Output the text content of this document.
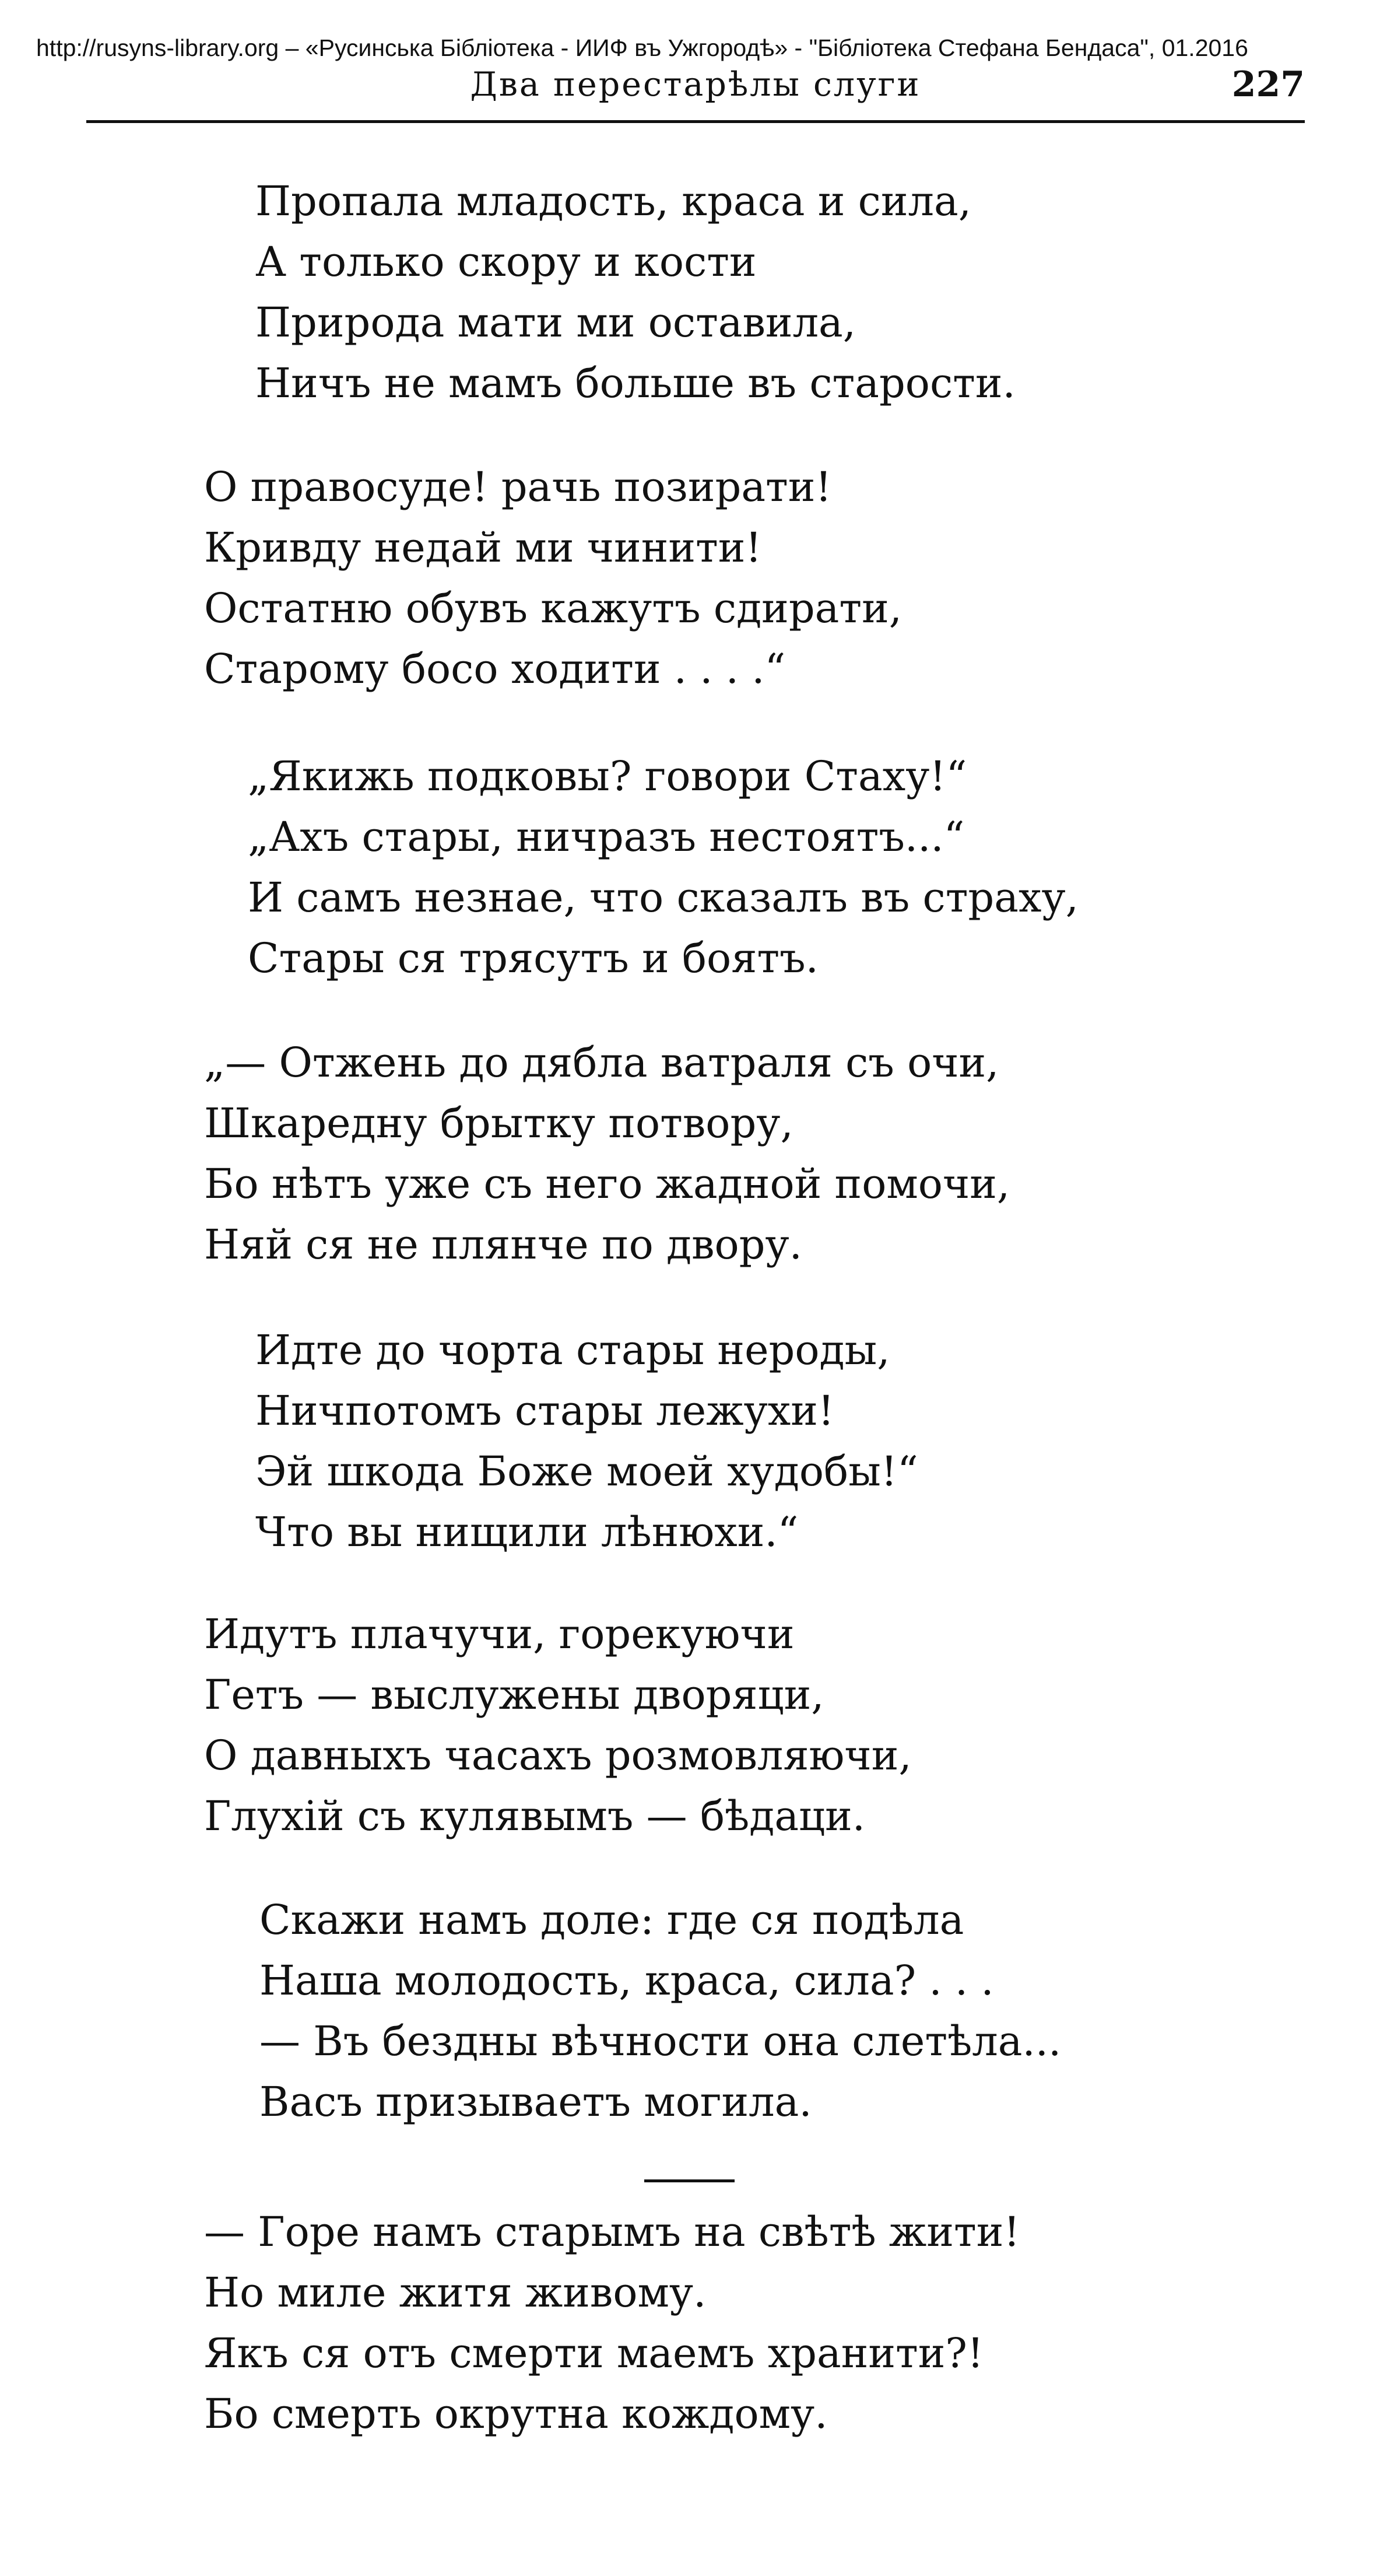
http://rusyns-library.org – «Русинська Бібліотека - ИИФ въ Ужгородѣ» - "Бібліотека Стефана Бендаса", 01.2016
Два перестарѣлы слуги	227
Пропала младость, краса и сила,
А только скору и кости
Природа мати ми оставила,
Ничъ не мамъ больше въ старости.
О правосуде! рачь позирати!
Кривду недай ми чинити!
Остатню обувъ кажутъ сдирати,
Старому босо ходити . . . .“
„Якижь подковы? говори Стаху!“
„Ахъ стары, ничразъ нестоятъ...“
И самъ незнае, что сказалъ въ страху,
Стары ся трясутъ и боятъ.
„— Отжень до дябла ватраля съ очи,
Шкаредну брытку потвору,
Бо нѣтъ уже съ него жадной помочи,
Няй ся не плянче по двору.
Идте до чорта стары нероды,
Ничпотомъ стары лежухи!
Эй шкода Боже моей худобы!“
Что вы нищили лѣнюхи.“
Идутъ плачучи, горекуючи
Гетъ — выслужены дворяци,
О давныхъ часахъ розмовляючи,
Глухій съ кулявымъ — бѣдаци.
Скажи намъ доле: где ся подѣла
Наша молодость, краса, сила? . . .
— Въ бездны вѣчности она слетѣла...
Васъ призываетъ могила.
— Горе намъ старымъ на свѣтѣ жити!
Но миле житя живому.
Якъ ся отъ смерти маемъ хранити?!
Бо смерть окрутна кождому.
